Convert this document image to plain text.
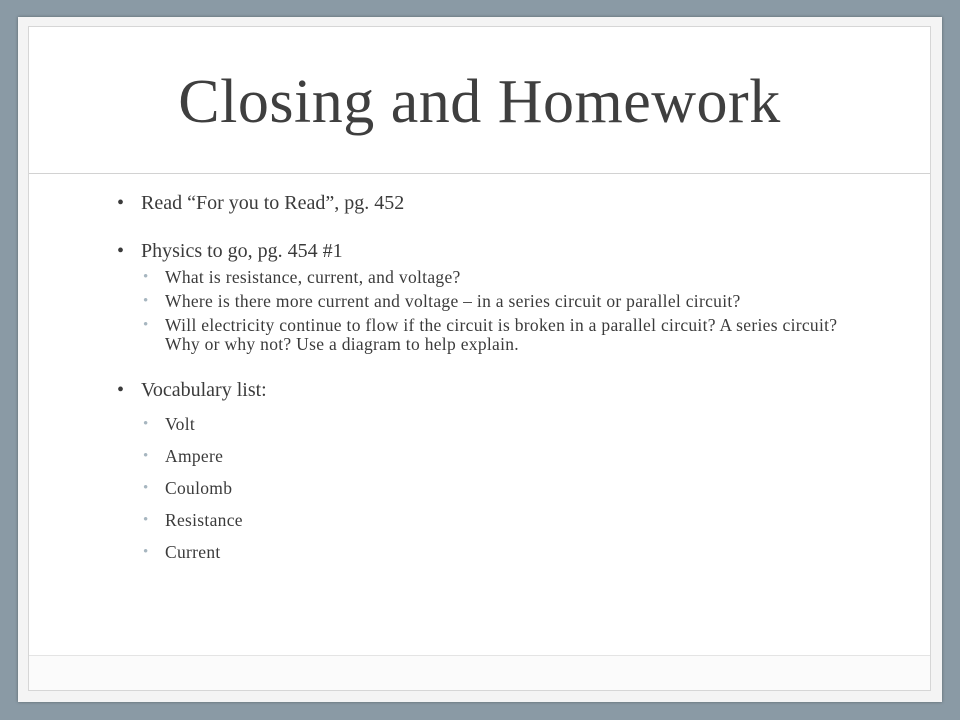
Closing and Homework
• Read “For you to Read”, pg. 452
• Physics to go, pg. 454 #1
• What is resistance, current, and voltage?
• Where is there more current and voltage – in a series circuit or parallel circuit?
• Will electricity continue to flow if the circuit is broken in a parallel circuit? A series circuit? Why or why not? Use a diagram to help explain.
• Vocabulary list:
• Volt
• Ampere
• Coulomb
• Resistance
• Current
